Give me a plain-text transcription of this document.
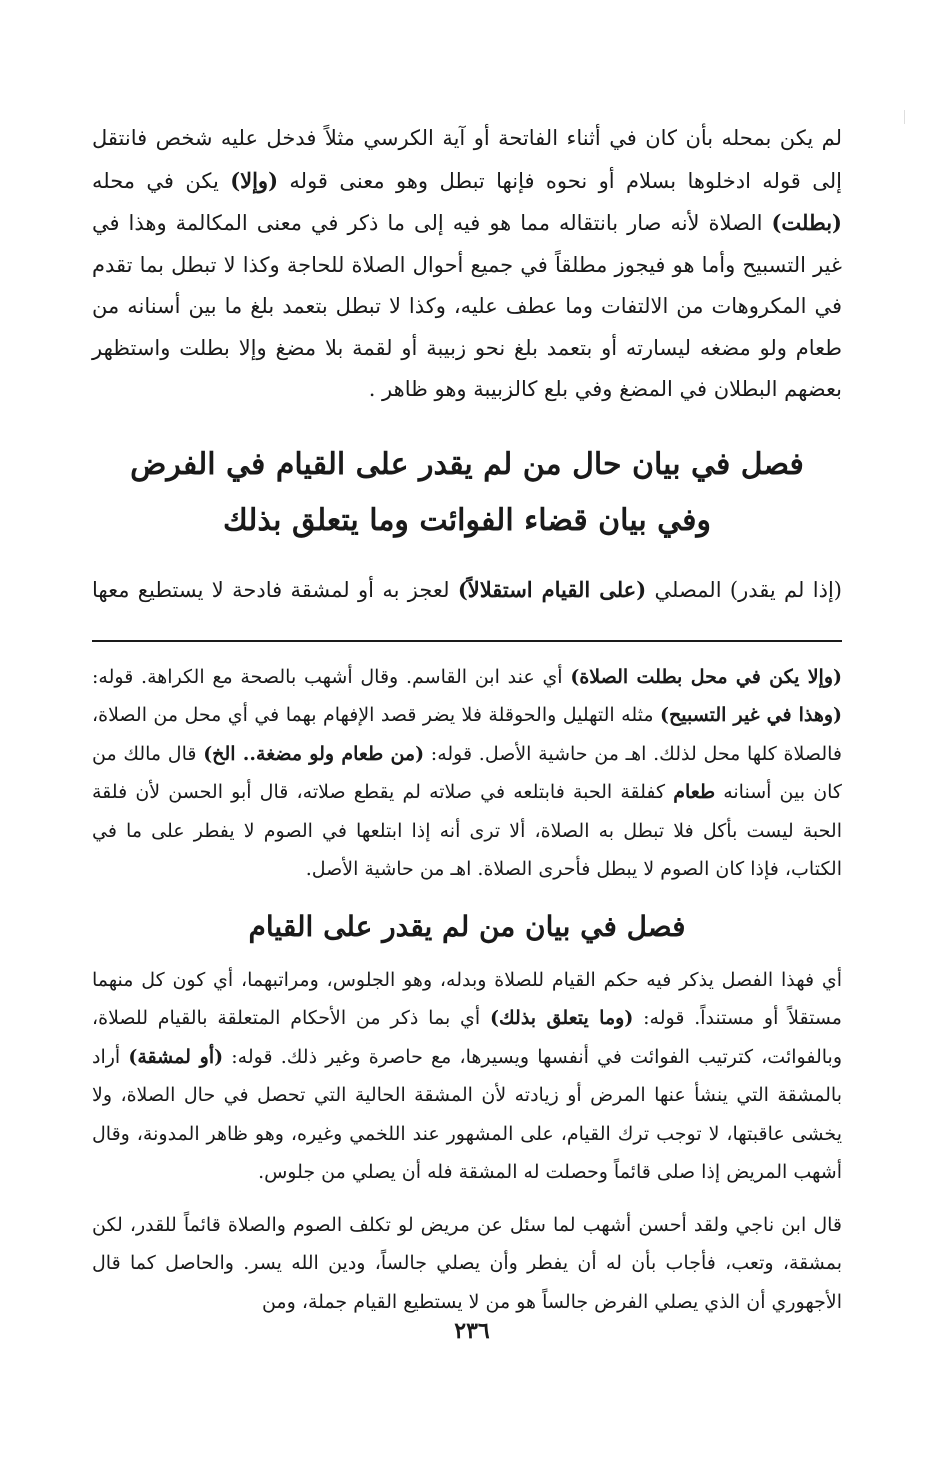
لم يكن بمحله بأن كان في أثناء الفاتحة أو آية الكرسي مثلاً فدخل عليه شخص فانتقل إلى قوله ادخلوها بسلام أو نحوه فإنها تبطل وهو معنى قوله (وإلا) يكن في محله (بطلت) الصلاة لأنه صار بانتقاله مما هو فيه إلى ما ذكر في معنى المكالمة وهذا في غير التسبيح وأما هو فيجوز مطلقاً في جميع أحوال الصلاة للحاجة وكذا لا تبطل بما تقدم في المكروهات من الالتفات وما عطف عليه، وكذا لا تبطل بتعمد بلغ ما بين أسنانه من طعام ولو مضغه ليسارته أو بتعمد بلغ نحو زبيبة أو لقمة بلا مضغ وإلا بطلت واستظهر بعضهم البطلان في المضغ وفي بلع كالزبيبة وهو ظاهر .

فصل في بيان حال من لم يقدر على القيام في الفرض
وفي بيان قضاء الفوائت وما يتعلق بذلك

(إذا لم يقدر) المصلي (على القيام استقلالاً) لعجز به أو لمشقة فادحة لا يستطيع معها

(وإلا يكن في محل بطلت الصلاة) أي عند ابن القاسم. وقال أشهب بالصحة مع الكراهة. قوله: (وهذا في غير التسبيح) مثله التهليل والحوقلة فلا يضر قصد الإفهام بهما في أي محل من الصلاة، فالصلاة كلها محل لذلك. اهـ من حاشية الأصل. قوله: (من طعام ولو مضغة.. الخ) قال مالك من كان بين أسنانه طعام كفلقة الحبة فابتلعه في صلاته لم يقطع صلاته، قال أبو الحسن لأن فلقة الحبة ليست بأكل فلا تبطل به الصلاة، ألا ترى أنه إذا ابتلعها في الصوم لا يفطر على ما في الكتاب، فإذا كان الصوم لا يبطل فأحرى الصلاة. اهـ من حاشية الأصل.

فصل في بيان من لم يقدر على القيام

أي فهذا الفصل يذكر فيه حكم القيام للصلاة وبدله، وهو الجلوس، ومراتبهما، أي كون كل منهما مستقلاً أو مستنداً. قوله: (وما يتعلق بذلك) أي بما ذكر من الأحكام المتعلقة بالقيام للصلاة، وبالفوائت، كترتيب الفوائت في أنفسها ويسيرها، مع حاصرة وغير ذلك. قوله: (أو لمشقة) أراد بالمشقة التي ينشأ عنها المرض أو زيادته لأن المشقة الحالية التي تحصل في حال الصلاة، ولا يخشى عاقبتها، لا توجب ترك القيام، على المشهور عند اللخمي وغيره، وهو ظاهر المدونة، وقال أشهب المريض إذا صلى قائماً وحصلت له المشقة فله أن يصلي من جلوس.

قال ابن ناجي ولقد أحسن أشهب لما سئل عن مريض لو تكلف الصوم والصلاة قائماً للقدر، لكن بمشقة، وتعب، فأجاب بأن له أن يفطر وأن يصلي جالساً، ودين الله يسر. والحاصل كما قال الأجهوري أن الذي يصلي الفرض جالساً هو من لا يستطيع القيام جملة، ومن

٢٣٦
